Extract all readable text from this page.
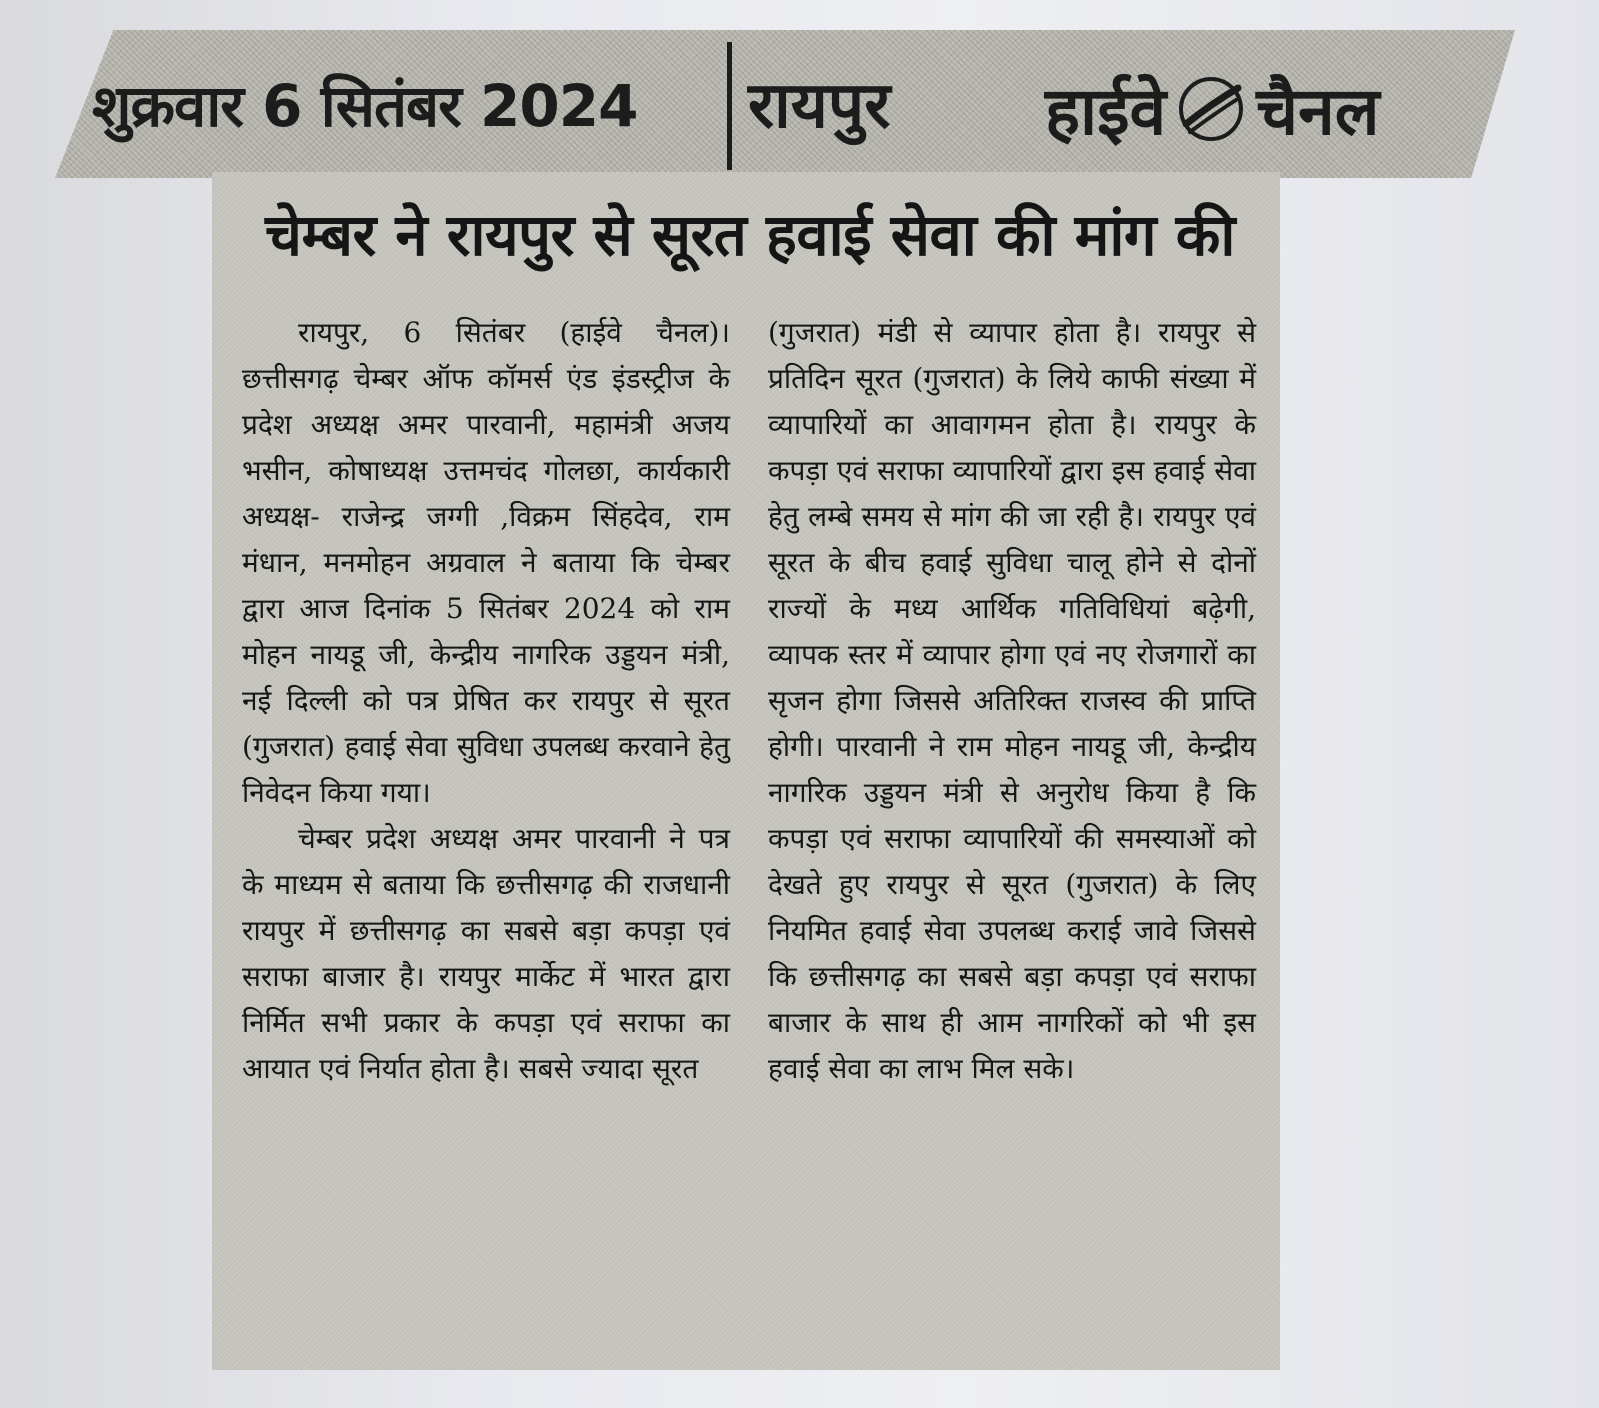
शुक्रवार 6 सितंबर 2024 रायपुर हाईवे चैनल
चेम्बर ने रायपुर से सूरत हवाई सेवा की मांग की

रायपुर, 6 सितंबर (हाईवे चैनल)। छत्तीसगढ़ चेम्बर ऑफ कॉमर्स एंड इंडस्ट्रीज के प्रदेश अध्यक्ष अमर पारवानी, महामंत्री अजय भसीन, कोषाध्यक्ष उत्तमचंद गोलछा, कार्यकारी अध्यक्ष- राजेन्द्र जग्गी ,विक्रम सिंहदेव, राम मंधान, मनमोहन अग्रवाल ने बताया कि चेम्बर द्वारा आज दिनांक 5 सितंबर 2024 को राम मोहन नायडू जी, केन्द्रीय नागरिक उड्डयन मंत्री, नई दिल्ली को पत्र प्रेषित कर रायपुर से सूरत (गुजरात) हवाई सेवा सुविधा उपलब्ध करवाने हेतु निवेदन किया गया।

चेम्बर प्रदेश अध्यक्ष अमर पारवानी ने पत्र के माध्यम से बताया कि छत्तीसगढ़ की राजधानी रायपुर में छत्तीसगढ़ का सबसे बड़ा कपड़ा एवं सराफा बाजार है। रायपुर मार्केट में भारत द्वारा निर्मित सभी प्रकार के कपड़ा एवं सराफा का आयात एवं निर्यात होता है। सबसे ज्यादा सूरत

(गुजरात) मंडी से व्यापार होता है। रायपुर से प्रतिदिन सूरत (गुजरात) के लिये काफी संख्या में व्यापारियों का आवागमन होता है। रायपुर के कपड़ा एवं सराफा व्यापारियों द्वारा इस हवाई सेवा हेतु लम्बे समय से मांग की जा रही है। रायपुर एवं सूरत के बीच हवाई सुविधा चालू होने से दोनों राज्यों के मध्य आर्थिक गतिविधियां बढ़ेगी, व्यापक स्तर में व्यापार होगा एवं नए रोजगारों का सृजन होगा जिससे अतिरिक्त राजस्व की प्राप्ति होगी। पारवानी ने राम मोहन नायडू जी, केन्द्रीय नागरिक उड्डयन मंत्री से अनुरोध किया है कि कपड़ा एवं सराफा व्यापारियों की समस्याओं को देखते हुए रायपुर से सूरत (गुजरात) के लिए नियमित हवाई सेवा उपलब्ध कराई जावे जिससे कि छत्तीसगढ़ का सबसे बड़ा कपड़ा एवं सराफा बाजार के साथ ही आम नागरिकों को भी इस हवाई सेवा का लाभ मिल सके।
